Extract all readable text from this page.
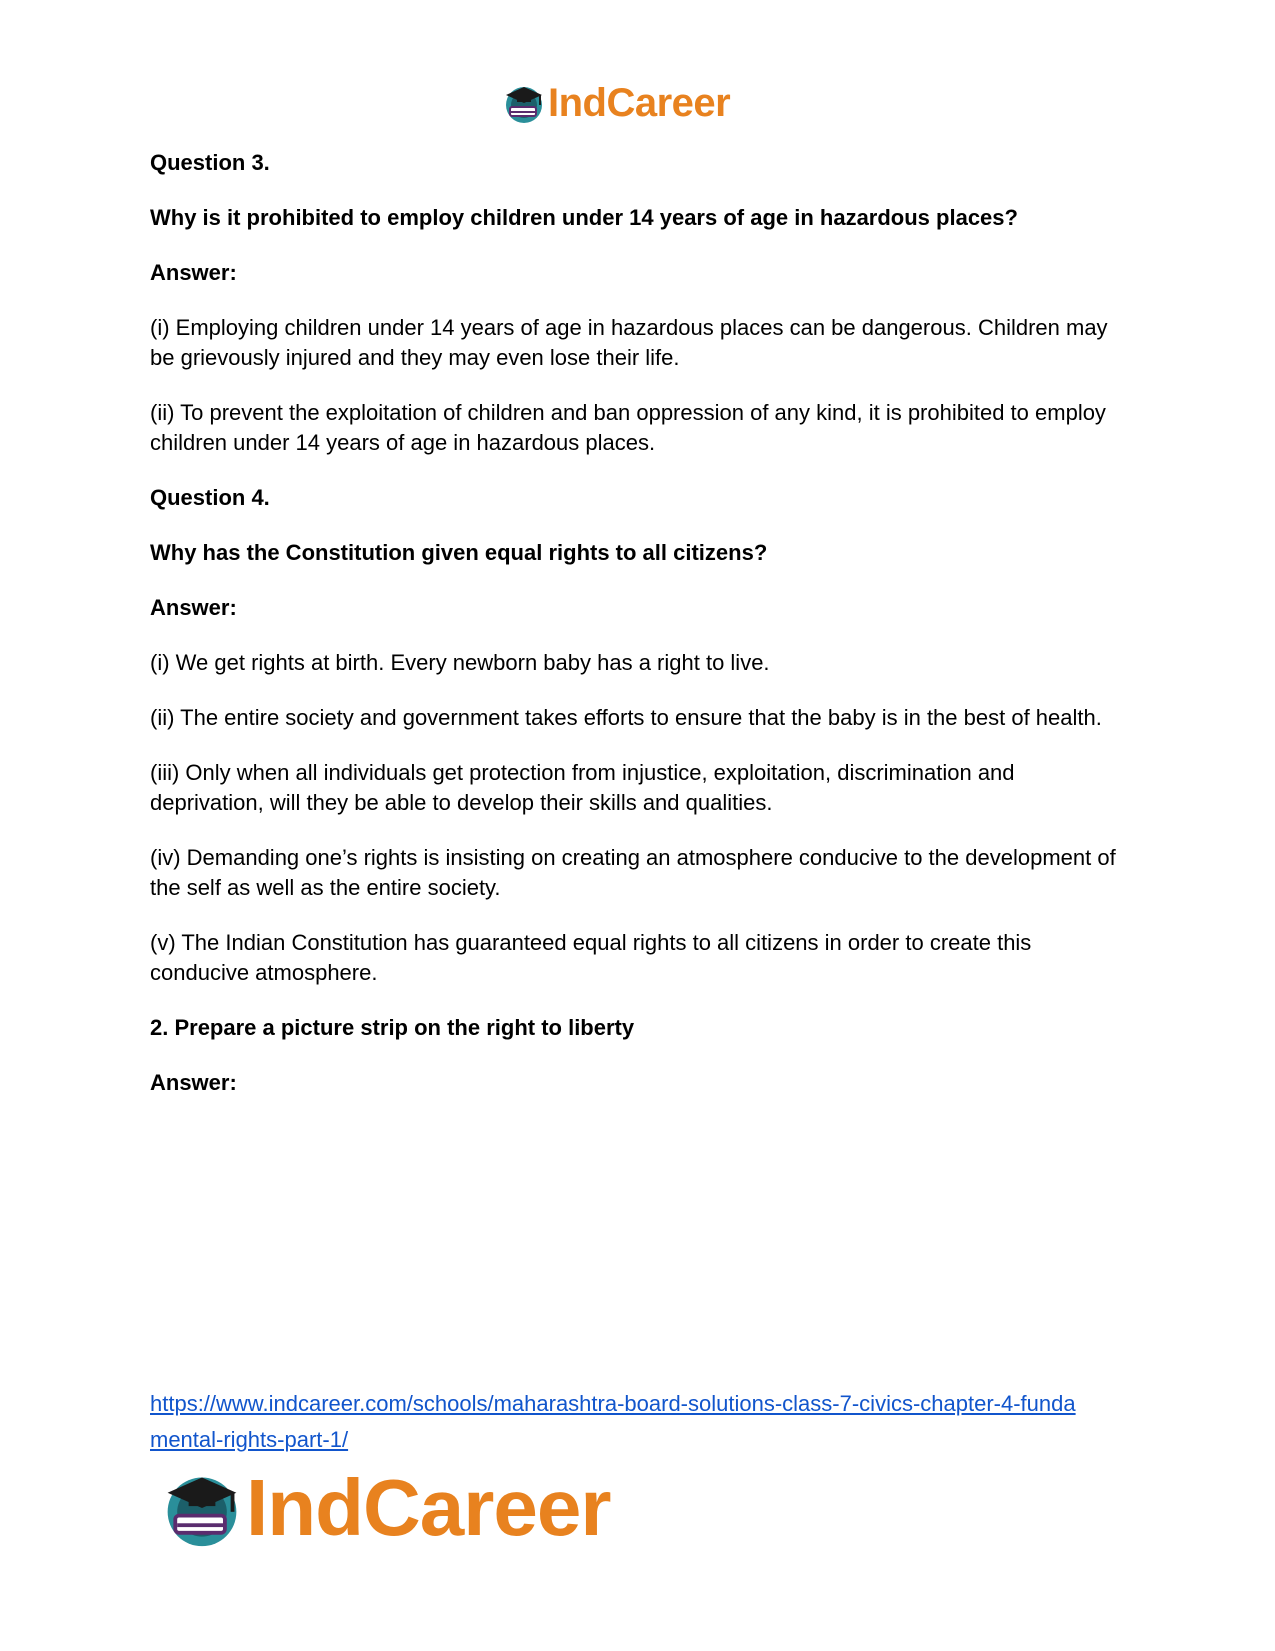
IndCareer

Question 3.

Why is it prohibited to employ children under 14 years of age in hazardous places?

Answer:

(i) Employing children under 14 years of age in hazardous places can be dangerous. Children may be grievously injured and they may even lose their life.

(ii) To prevent the exploitation of children and ban oppression of any kind, it is prohibited to employ children under 14 years of age in hazardous places.

Question 4.

Why has the Constitution given equal rights to all citizens?

Answer:

(i) We get rights at birth. Every newborn baby has a right to live.

(ii) The entire society and government takes efforts to ensure that the baby is in the best of health.

(iii) Only when all individuals get protection from injustice, exploitation, discrimination and deprivation, will they be able to develop their skills and qualities.

(iv) Demanding one’s rights is insisting on creating an atmosphere conducive to the development of the self as well as the entire society.

(v) The Indian Constitution has guaranteed equal rights to all citizens in order to create this conducive atmosphere.

2. Prepare a picture strip on the right to liberty

Answer:

https://www.indcareer.com/schools/maharashtra-board-solutions-class-7-civics-chapter-4-funda
mental-rights-part-1/
IndCareer
